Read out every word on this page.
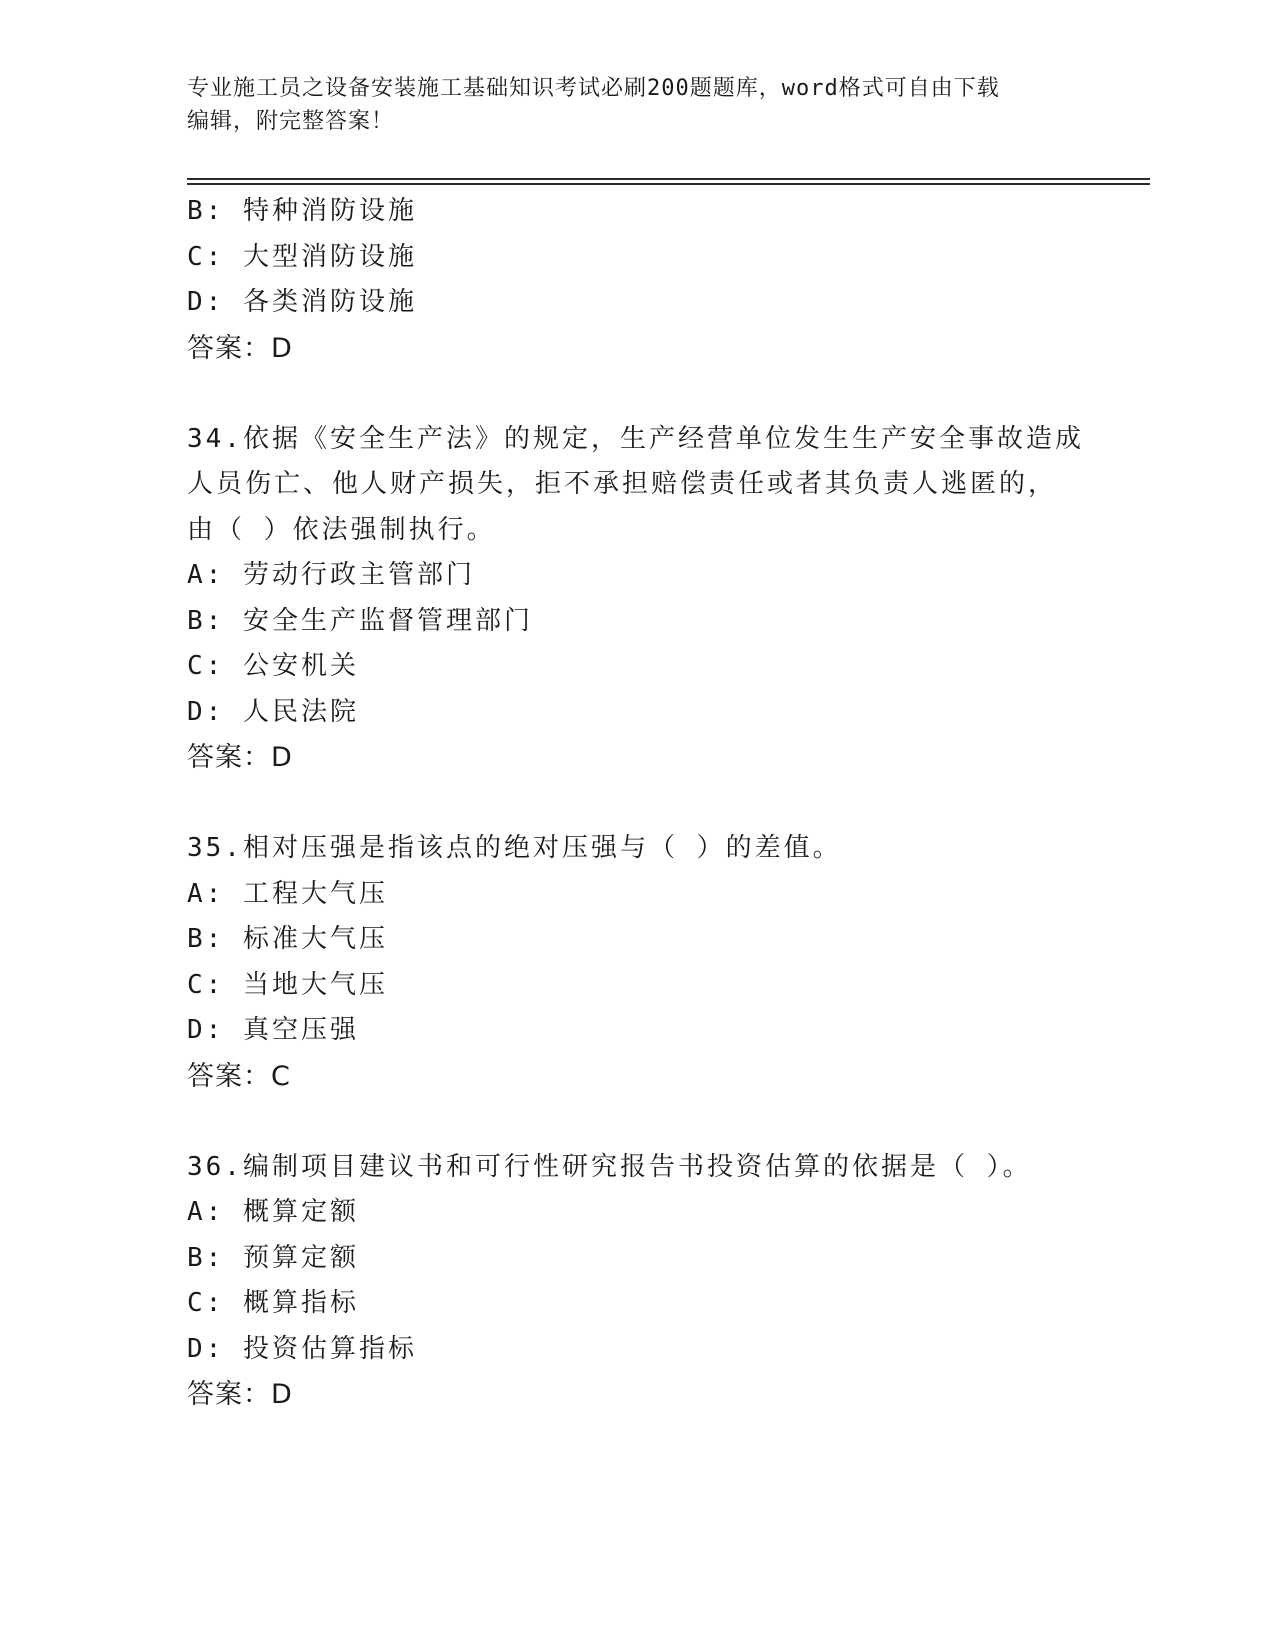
专业施工员之设备安装施工基础知识考试必刷200题题库，word格式可自由下载
编辑，附完整答案！
B: 特种消防设施
C: 大型消防设施
D: 各类消防设施
答案：D
34.依据《安全生产法》的规定，生产经营单位发生生产安全事故造成
人员伤亡、他人财产损失，拒不承担赔偿责任或者其负责人逃匿的，
由（ ）依法强制执行。
A: 劳动行政主管部门
B: 安全生产监督管理部门
C: 公安机关
D: 人民法院
答案：D
35.相对压强是指该点的绝对压强与（ ）的差值。
A: 工程大气压
B: 标准大气压
C: 当地大气压
D: 真空压强
答案：C
36.编制项目建议书和可行性研究报告书投资估算的依据是（ ）。
A: 概算定额
B: 预算定额
C: 概算指标
D: 投资估算指标
答案：D
